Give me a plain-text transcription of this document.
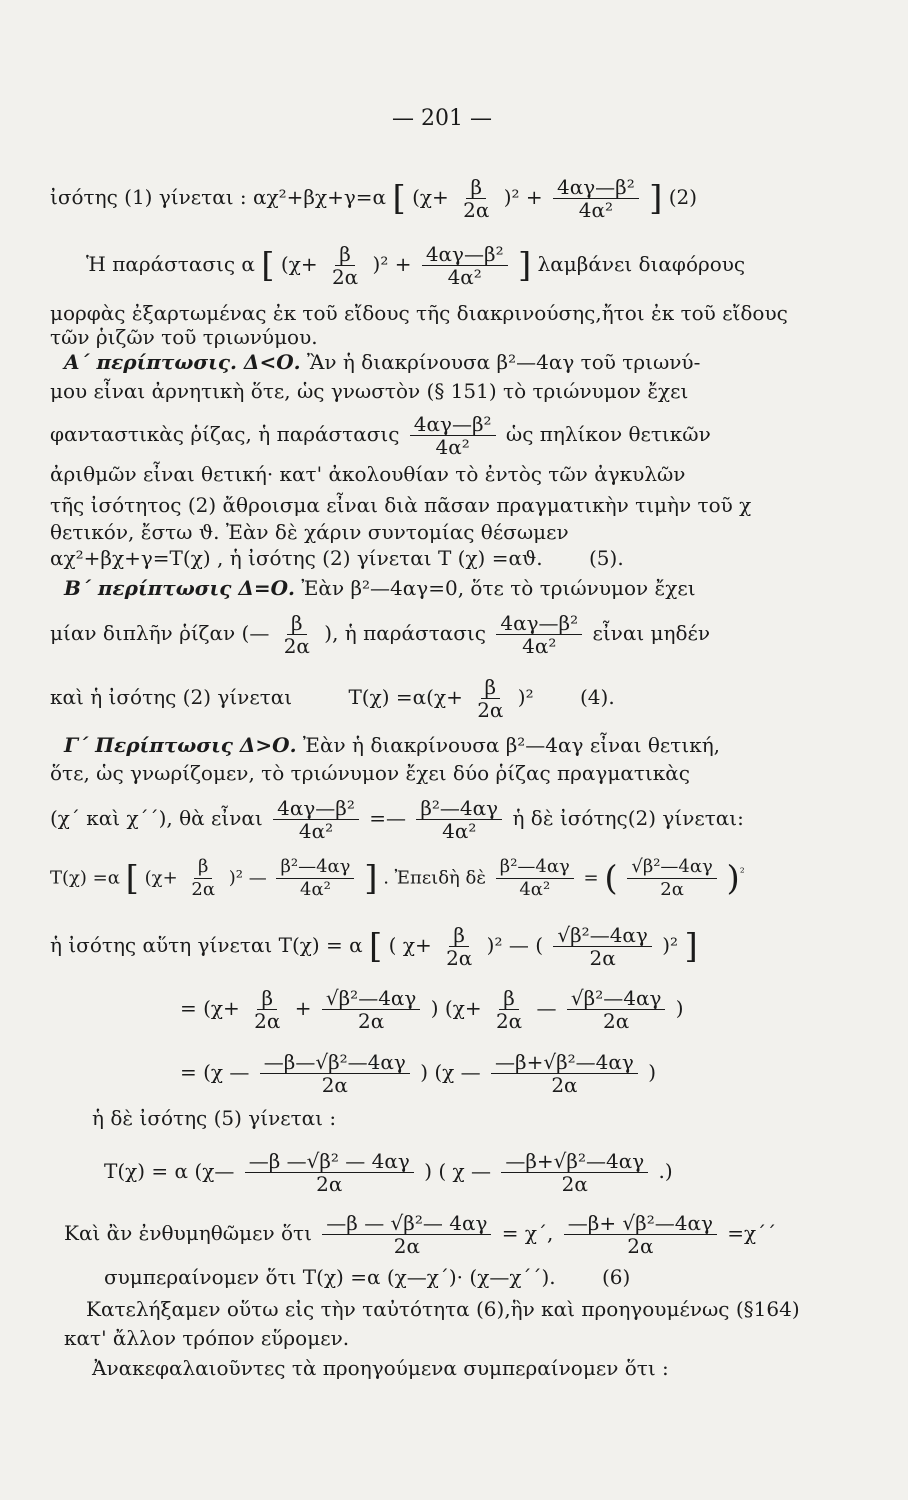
— 201 —
ἰσότης (1) γίνεται : αχ²+βχ+γ=α [ $(\chi+ \frac{\beta}{2\alpha} )^2 + \frac{\text{4αγ—β²}}{\text{4α²}}$ ] (2)
Ἡ παράστασις α [ $(\chi+ \frac{\beta}{2\alpha} )^2 + \frac{\text{4αγ—β²}}{\text{4α²}}$ ] λαμβάνει διαφόρους
μορφὰς ἐξαρτωμένας ἐκ τοῦ εἴδους τῆς διακρινούσης,ἤτοι ἐκ τοῦ εἴδους
τῶν ῥιζῶν τοῦ τριωνύμου.
Α΄ περίπτωσις. Δ<Ο. Ἂν ἡ διακρίνουσα β²—4αγ τοῦ τριωνύ-
μου εἶναι ἀρνητικὴ ὅτε, ὡς γνωστὸν (§ 151) τὸ τριώνυμον ἔχει
φανταστικὰς ῥίζας, ἡ παράστασις $\frac{\text{4αγ—β²}}{\text{4α²}}$ ὡς πηλίκον θετικῶν
ἀριθμῶν εἶναι θετική· κατ' ἀκολουθίαν τὸ ἐντὸς τῶν ἀγκυλῶν
τῆς ἰσότητος (2) ἄθροισμα εἶναι διὰ πᾶσαν πραγματικὴν τιμὴν τοῦ χ
θετικόν, ἔστω ϑ. Ἐὰν δὲ χάριν συντομίας θέσωμεν
αχ²+βχ+γ=Τ(χ) , ἡ ἰσότης (2) γίνεται Τ (χ) =αϑ. (5).
Β΄ περίπτωσις Δ=Ο. Ἐὰν β²—4αγ=0, ὅτε τὸ τριώνυμον ἔχει
μίαν διπλῆν ῥίζαν (— $\frac{\beta}{2\alpha}$ ), ἡ παράστασις $\frac{\text{4αγ—β²}}{\text{4α²}}$ εἶναι μηδέν
καὶ ἡ ἰσότης (2) γίνεται	$T(\chi) =\alpha(\chi+ \frac{\beta}{2\alpha} )^2$ (4).
Γ΄ Περίπτωσις Δ>Ο. Ἐὰν ἡ διακρίνουσα β²—4αγ εἶναι θετική,
ὅτε, ὡς γνωρίζομεν, τὸ τριώνυμον ἔχει δύο ῥίζας πραγματικὰς
(χ΄ καὶ χ΄΄), θὰ εἶναι $\frac{\text{4αγ—β²}}{\text{4α²}}$ =— $\frac{\text{β²—4αγ}}{\text{4α²}}$ ἡ δὲ ἰσότης(2) γίνεται:
Τ(χ) =α [ $(\chi+ \frac{\beta}{2\alpha} )^2$ — $\frac{\text{β²—4αγ}}{\text{4α²}}$ ] . Ἐπειδὴ δὲ $\frac{\text{β²—4αγ}}{\text{4α²}}$ = ( $\frac{\text{√β²—4αγ}}{2\alpha} )^{^2}$
ἡ ἰσότης αὕτη γίνεται Τ(χ) = α [ ( $\chi+ \frac{\beta}{2\alpha} )^2$ — ( $\frac{\text{√β²—4αγ}}{2\alpha} )^2$ ]
= ($\chi+ \frac{\beta}{2\alpha} + \frac{\text{√β²—4αγ}}{2\alpha}$ ) ($\chi+ \frac{\beta}{2\alpha}$ — $\frac{\text{√β²—4αγ}}{2\alpha}$ )
= (χ — $\frac{\text{—β—√β²—4αγ}}{2\alpha}$ ) (χ — $\frac{\text{—β+√β²—4αγ}}{2\alpha}$ )
ἡ δὲ ἰσότης (5) γίνεται :
Τ(χ) = α (χ— $\frac{\text{—β —√β² — 4αγ}}{2\alpha}$ ) ( χ — $\frac{\text{—β+√β²—4αγ}}{2\alpha}$ .)
Καὶ ἂν ἐνθυμηθῶμεν ὅτι $\frac{\text{—β — √β²— 4αγ}}{2\alpha} = \chi΄$, $\frac{\text{—β+ √β²—4αγ}}{2\alpha} =\chi΄΄$
συμπεραίνομεν ὅτι Τ(χ) =α (χ—χ΄)· (χ—χ΄΄). (6)
Κατελήξαμεν οὕτω εἰς τὴν ταὐτότητα (6),ἣν καὶ προηγουμένως (§164)
κατ' ἄλλον τρόπον εὕρομεν.
Ἀνακεφαλαιοῦντες τὰ προηγούμενα συμπεραίνομεν ὅτι :
